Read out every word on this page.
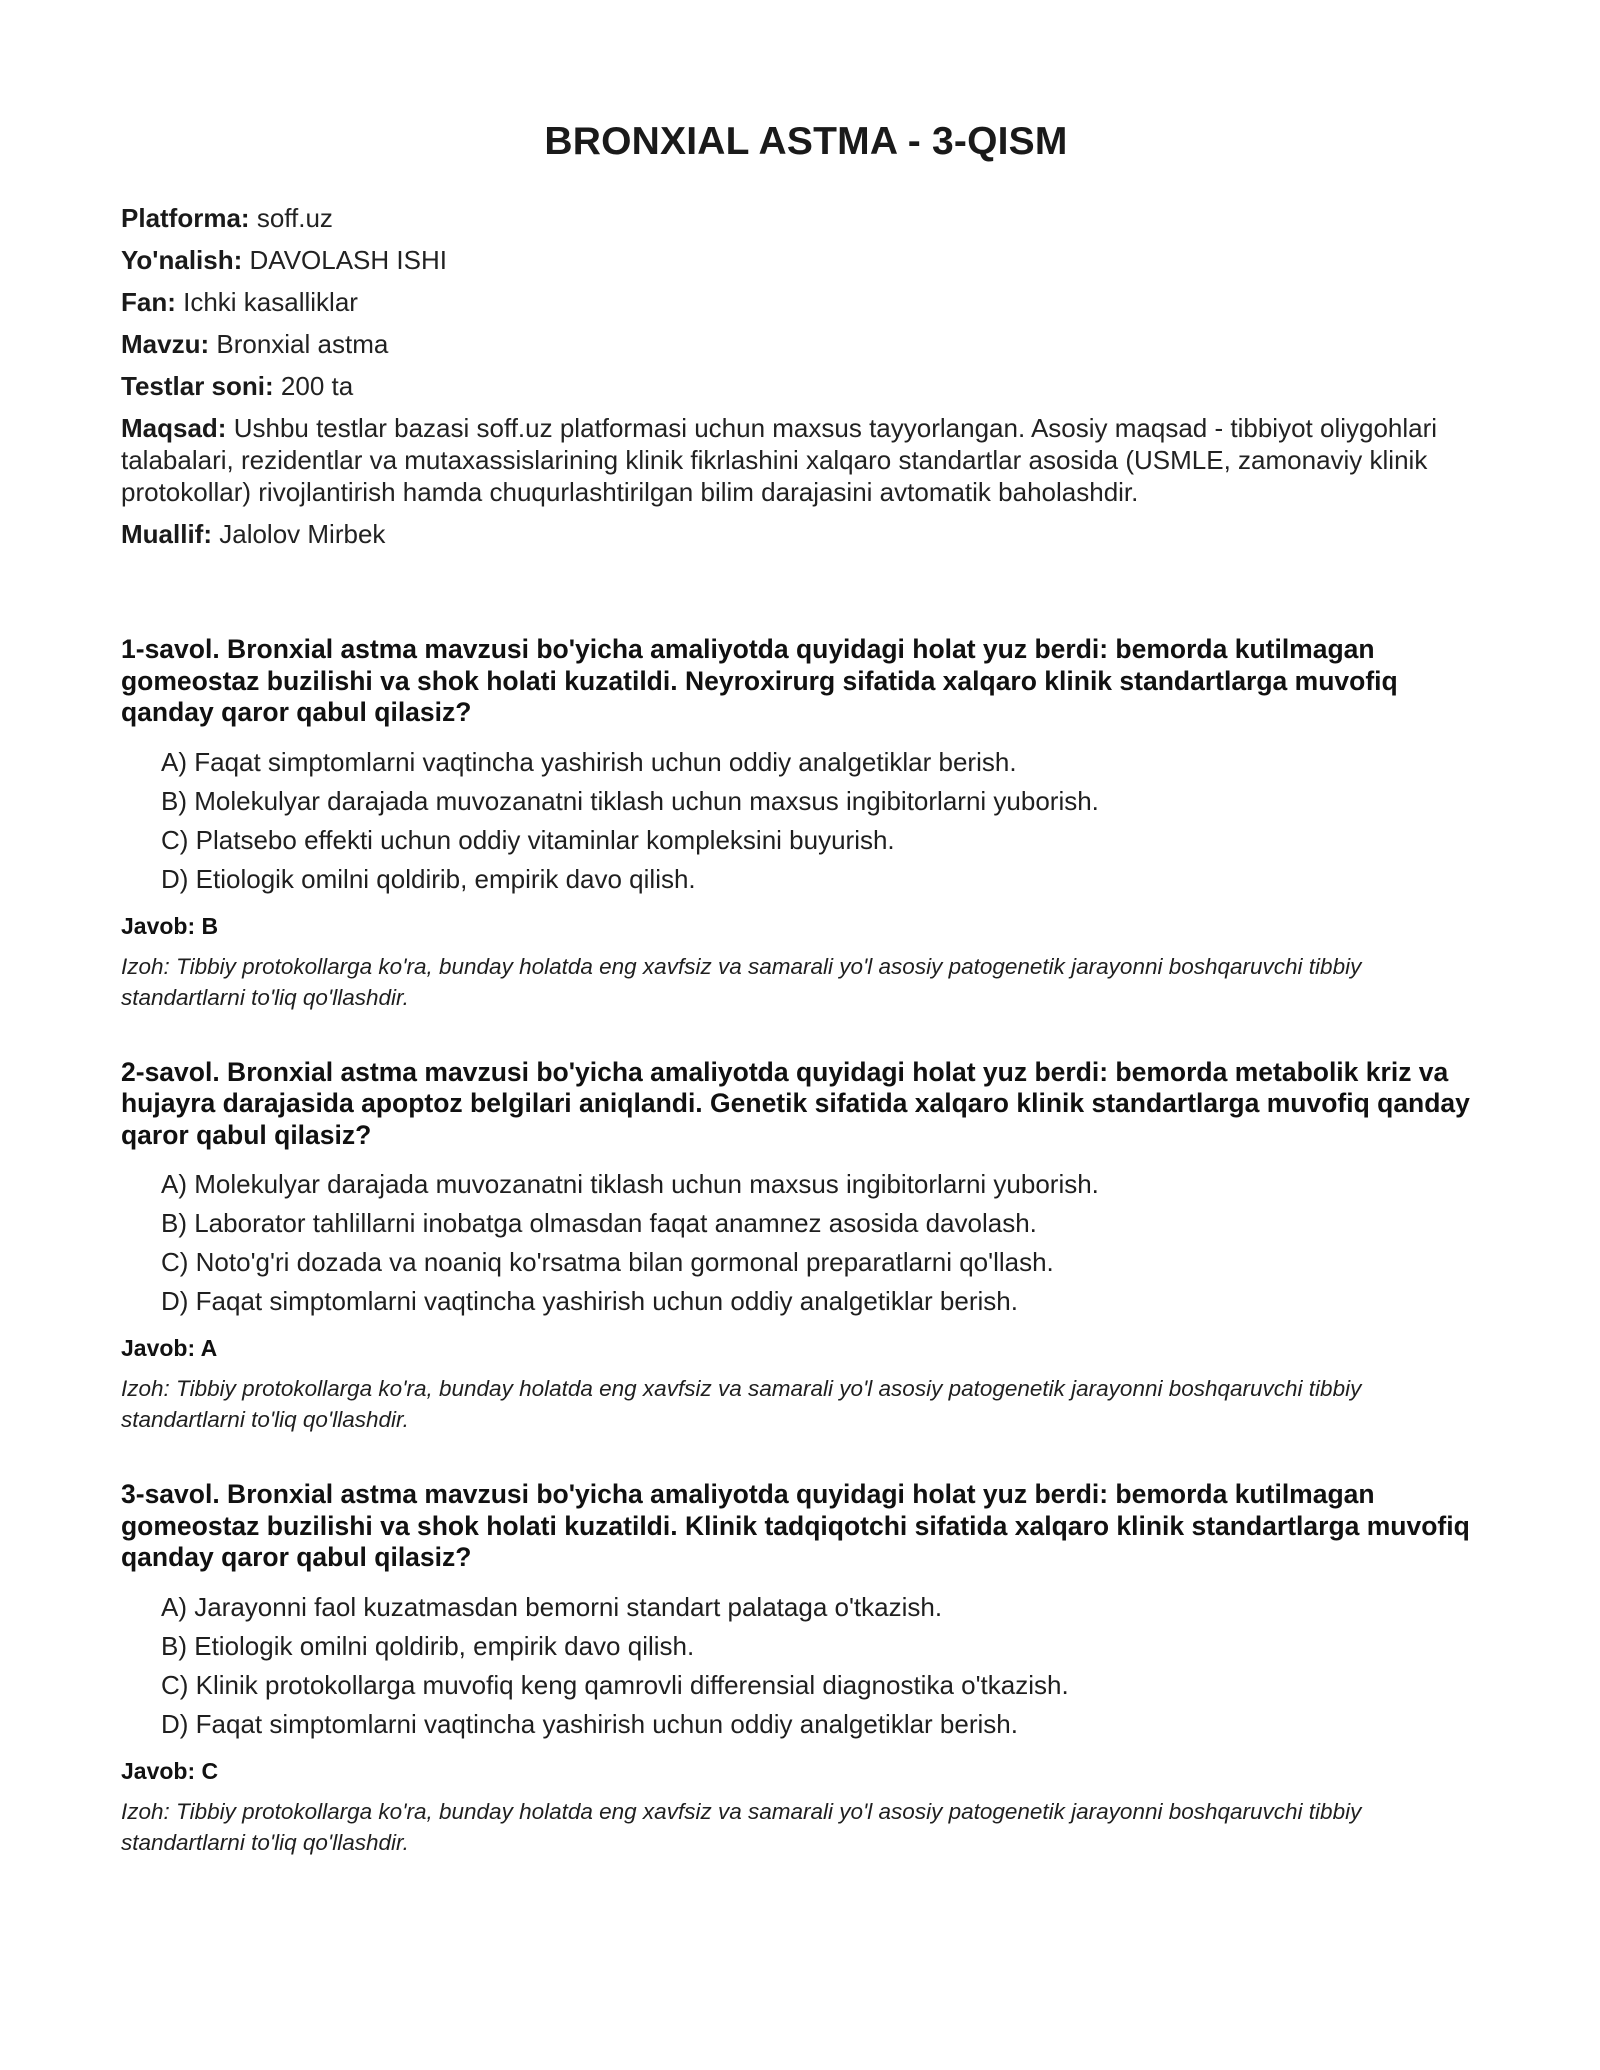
BRONXIAL ASTMA - 3-QISM

Platforma: soff.uz

Yo'nalish: DAVOLASH ISHI

Fan: Ichki kasalliklar

Mavzu: Bronxial astma

Testlar soni: 200 ta

Maqsad: Ushbu testlar bazasi soff.uz platformasi uchun maxsus tayyorlangan. Asosiy maqsad - tibbiyot oliygohlari talabalari, rezidentlar va mutaxassislarining klinik fikrlashini xalqaro standartlar asosida (USMLE, zamonaviy klinik protokollar) rivojlantirish hamda chuqurlashtirilgan bilim darajasini avtomatik baholashdir.

Muallif: Jalolov Mirbek

1-savol. Bronxial astma mavzusi bo'yicha amaliyotda quyidagi holat yuz berdi: bemorda kutilmagan gomeostaz buzilishi va shok holati kuzatildi. Neyroxirurg sifatida xalqaro klinik standartlarga muvofiq qanday qaror qabul qilasiz?

A) Faqat simptomlarni vaqtincha yashirish uchun oddiy analgetiklar berish.
B) Molekulyar darajada muvozanatni tiklash uchun maxsus ingibitorlarni yuborish.
C) Platsebo effekti uchun oddiy vitaminlar kompleksini buyurish.
D) Etiologik omilni qoldirib, empirik davo qilish.

Javob: B

Izoh: Tibbiy protokollarga ko'ra, bunday holatda eng xavfsiz va samarali yo'l asosiy patogenetik jarayonni boshqaruvchi tibbiy standartlarni to'liq qo'llashdir.

2-savol. Bronxial astma mavzusi bo'yicha amaliyotda quyidagi holat yuz berdi: bemorda metabolik kriz va hujayra darajasida apoptoz belgilari aniqlandi. Genetik sifatida xalqaro klinik standartlarga muvofiq qanday qaror qabul qilasiz?

A) Molekulyar darajada muvozanatni tiklash uchun maxsus ingibitorlarni yuborish.
B) Laborator tahlillarni inobatga olmasdan faqat anamnez asosida davolash.
C) Noto'g'ri dozada va noaniq ko'rsatma bilan gormonal preparatlarni qo'llash.
D) Faqat simptomlarni vaqtincha yashirish uchun oddiy analgetiklar berish.

Javob: A

Izoh: Tibbiy protokollarga ko'ra, bunday holatda eng xavfsiz va samarali yo'l asosiy patogenetik jarayonni boshqaruvchi tibbiy standartlarni to'liq qo'llashdir.

3-savol. Bronxial astma mavzusi bo'yicha amaliyotda quyidagi holat yuz berdi: bemorda kutilmagan gomeostaz buzilishi va shok holati kuzatildi. Klinik tadqiqotchi sifatida xalqaro klinik standartlarga muvofiq qanday qaror qabul qilasiz?

A) Jarayonni faol kuzatmasdan bemorni standart palataga o'tkazish.
B) Etiologik omilni qoldirib, empirik davo qilish.
C) Klinik protokollarga muvofiq keng qamrovli differensial diagnostika o'tkazish.
D) Faqat simptomlarni vaqtincha yashirish uchun oddiy analgetiklar berish.

Javob: C

Izoh: Tibbiy protokollarga ko'ra, bunday holatda eng xavfsiz va samarali yo'l asosiy patogenetik jarayonni boshqaruvchi tibbiy standartlarni to'liq qo'llashdir.
